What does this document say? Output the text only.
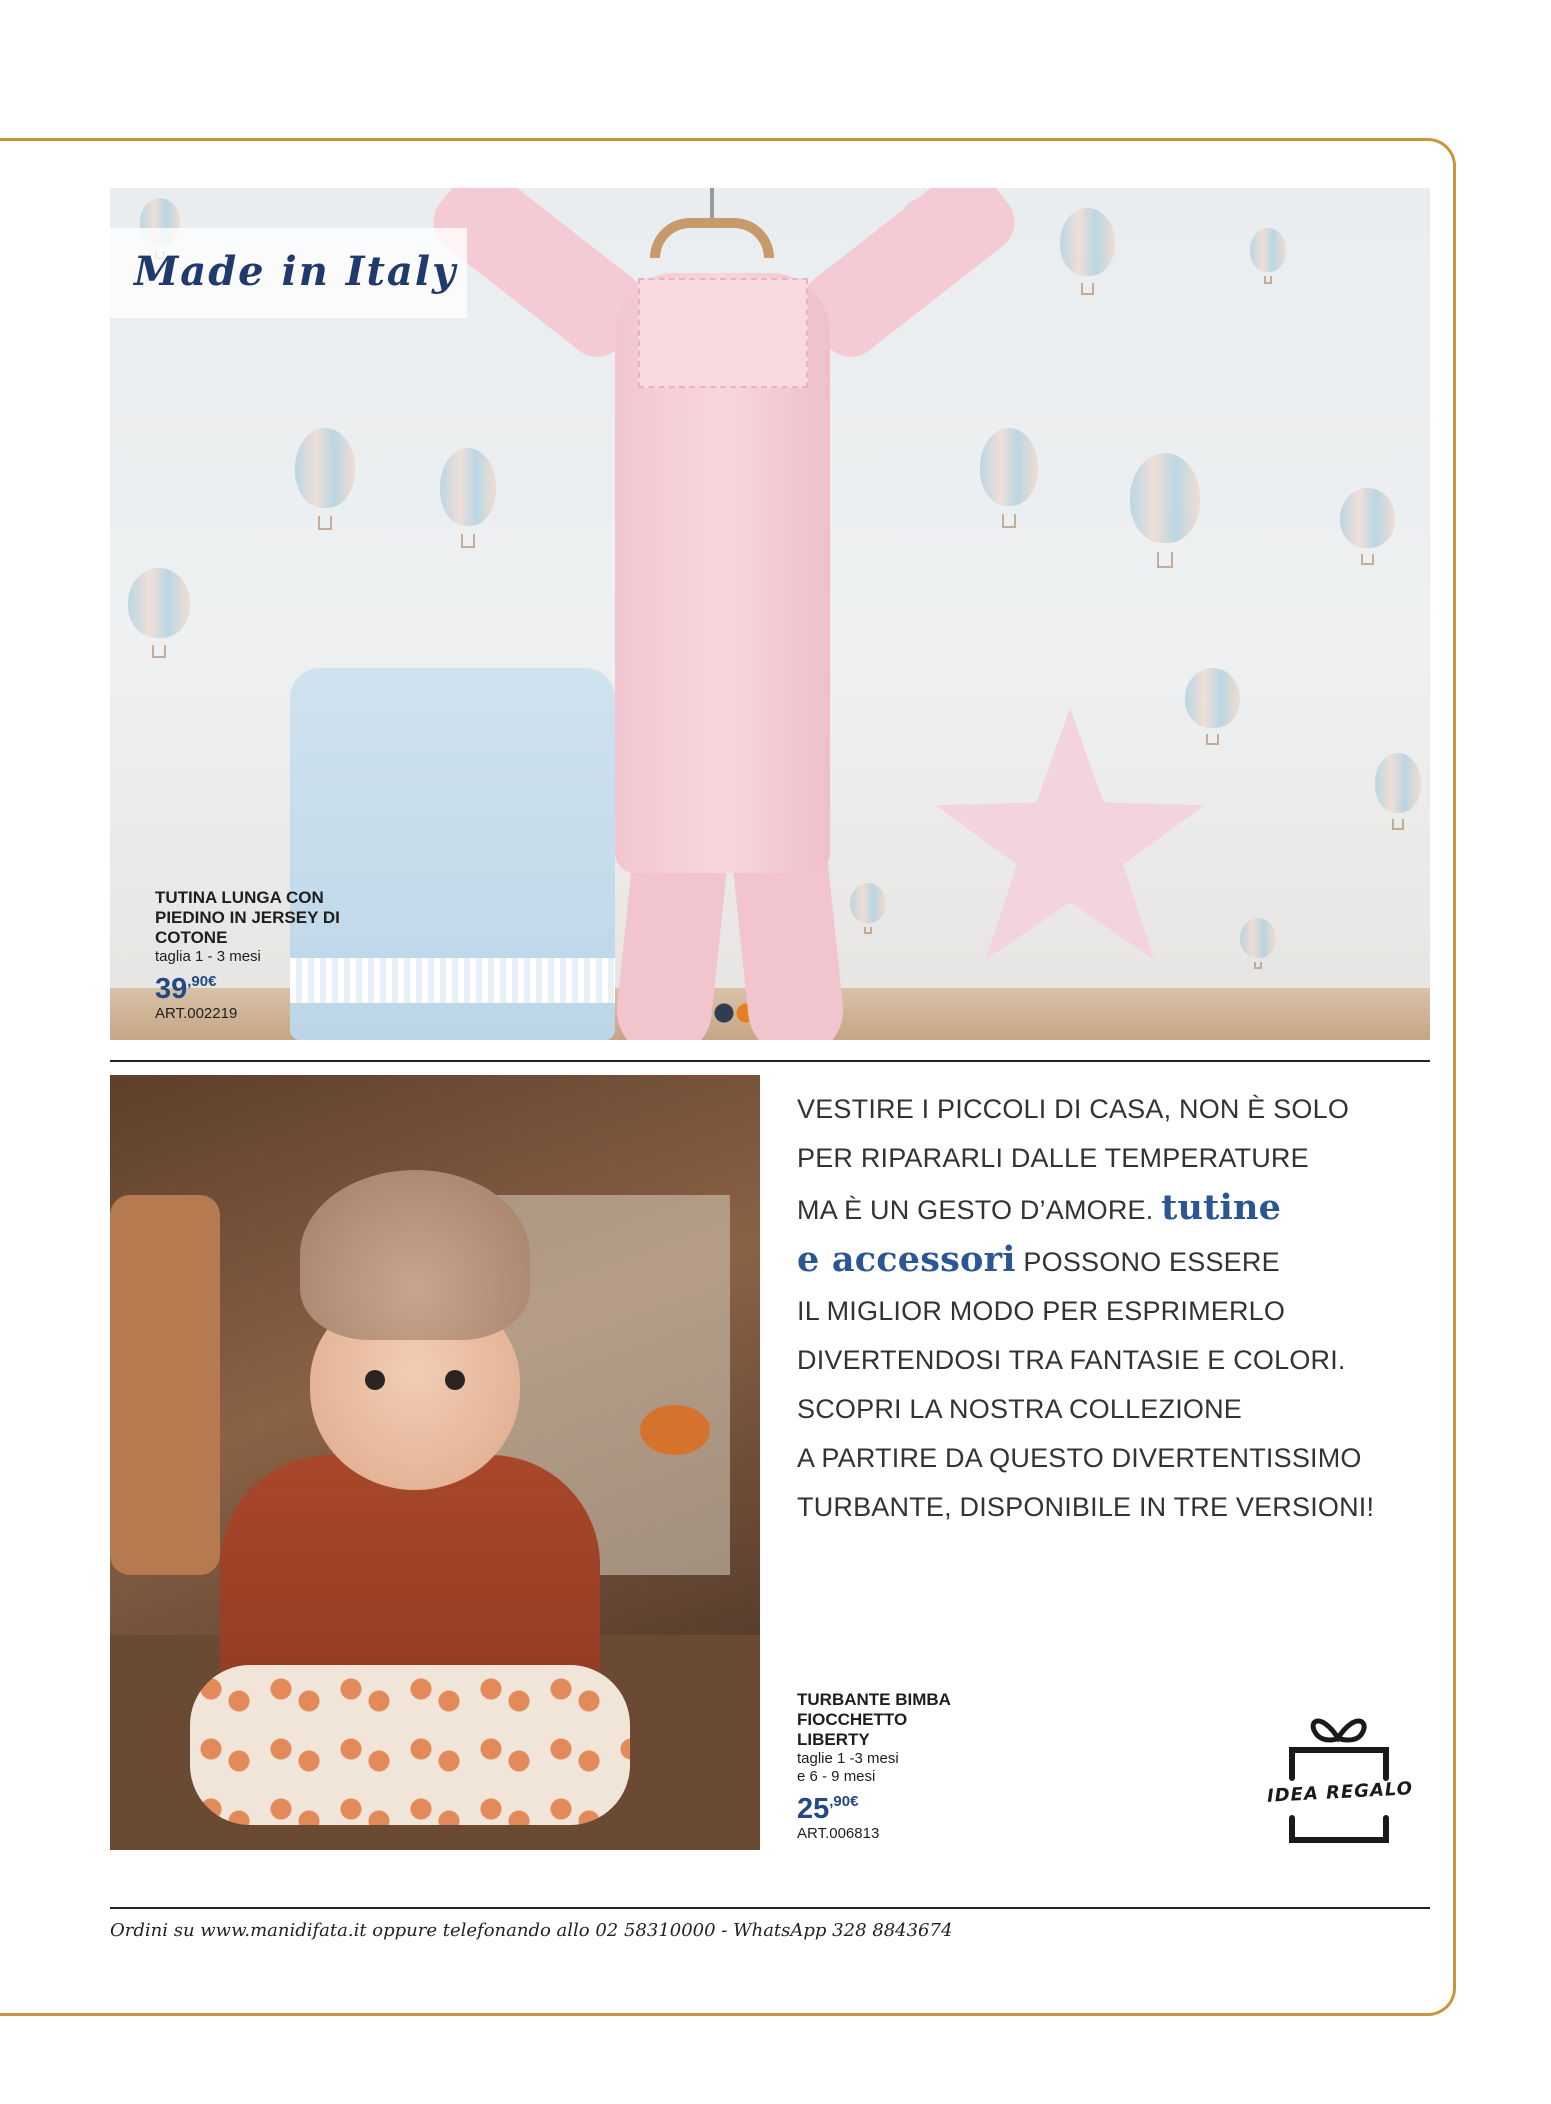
Made in Italy
TUTINA LUNGA CON
PIEDINO IN JERSEY DI
COTONE
taglia 1 - 3 mesi
$39^{,90€}$
ART.002219
VESTIRE I PICCOLI DI CASA, NON È SOLO
PER RIPARARLI DALLE TEMPERATURE
MA È UN GESTO D’AMORE. tutine
e accessori POSSONO ESSERE
IL MIGLIOR MODO PER ESPRIMERLO
DIVERTENDOSI TRA FANTASIE E COLORI.
SCOPRI LA NOSTRA COLLEZIONE
A PARTIRE DA QUESTO DIVERTENTISSIMO
TURBANTE, DISPONIBILE IN TRE VERSIONI!
TURBANTE BIMBA
FIOCCHETTO
LIBERTY
taglie 1 -3 mesi
e 6 - 9 mesi
$25^{,90€}$
ART.006813
IDEA REGALO
Ordini su www.manidifata.it oppure telefonando allo 02 58310000 - WhatsApp 328 8843674
